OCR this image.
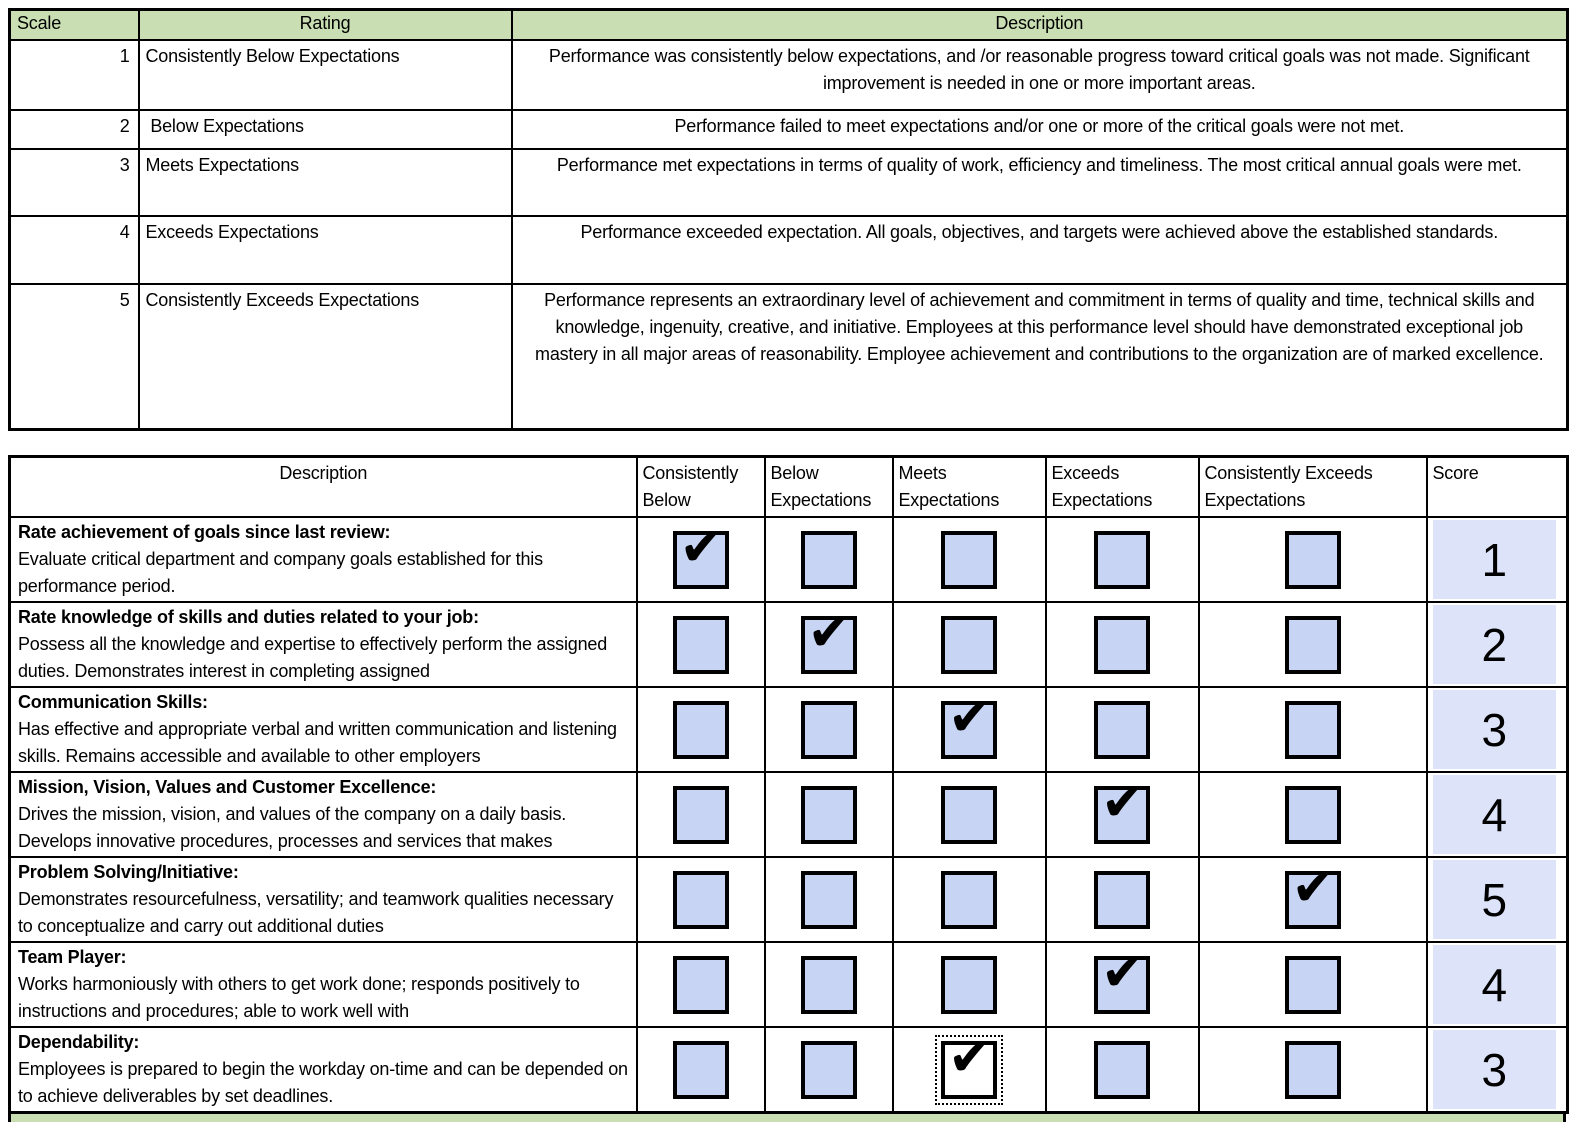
Scale	Rating	Description
1	Consistently Below Expectations	Performance was consistently below expectations, and /or reasonable progress toward critical goals was not made. Significant improvement is needed in one or more important areas.
2	Below Expectations	Performance failed to meet expectations and/or one or more of the critical goals were not met.
3	Meets Expectations	Performance met expectations in terms of quality of work, efficiency and timeliness. The most critical annual goals were met.
4	Exceeds Expectations	Performance exceeded expectation. All goals, objectives, and targets were achieved above the established standards.
5	Consistently Exceeds Expectations	Performance represents an extraordinary level of achievement and commitment in terms of quality and time, technical skills and knowledge, ingenuity, creative, and initiative. Employees at this performance level should have demonstrated exceptional job mastery in all major areas of reasonability. Employee achievement and contributions to the organization are of marked excellence.
Description	Consistently Below	Below Expectations	Meets Expectations	Exceeds Expectations	Consistently Exceeds Expectations	Score

Rate achievement of goals since last review:
Evaluate critical department and company goals established for this performance period.	✔					1

Rate knowledge of skills and duties related to your job:
Possess all the knowledge and expertise to effectively perform the assigned duties. Demonstrates interest in completing assigned		✔				2

Communication Skills:
Has effective and appropriate verbal and written communication and listening skills. Remains accessible and available to other employers			✔			3

Mission, Vision, Values and Customer Excellence:
Drives the mission, vision, and values of the company on a daily basis. Develops innovative procedures, processes and services that makes				✔		4

Problem Solving/Initiative:
Demonstrates resourcefulness, versatility; and teamwork qualities necessary to conceptualize and carry out additional duties					✔	5

Team Player:
Works harmoniously with others to get work done; responds positively to instructions and procedures; able to work well with				✔		4

Dependability:
Employees is prepared to begin the workday on-time and can be depended on to achieve deliverables by set deadlines.			✔			3
